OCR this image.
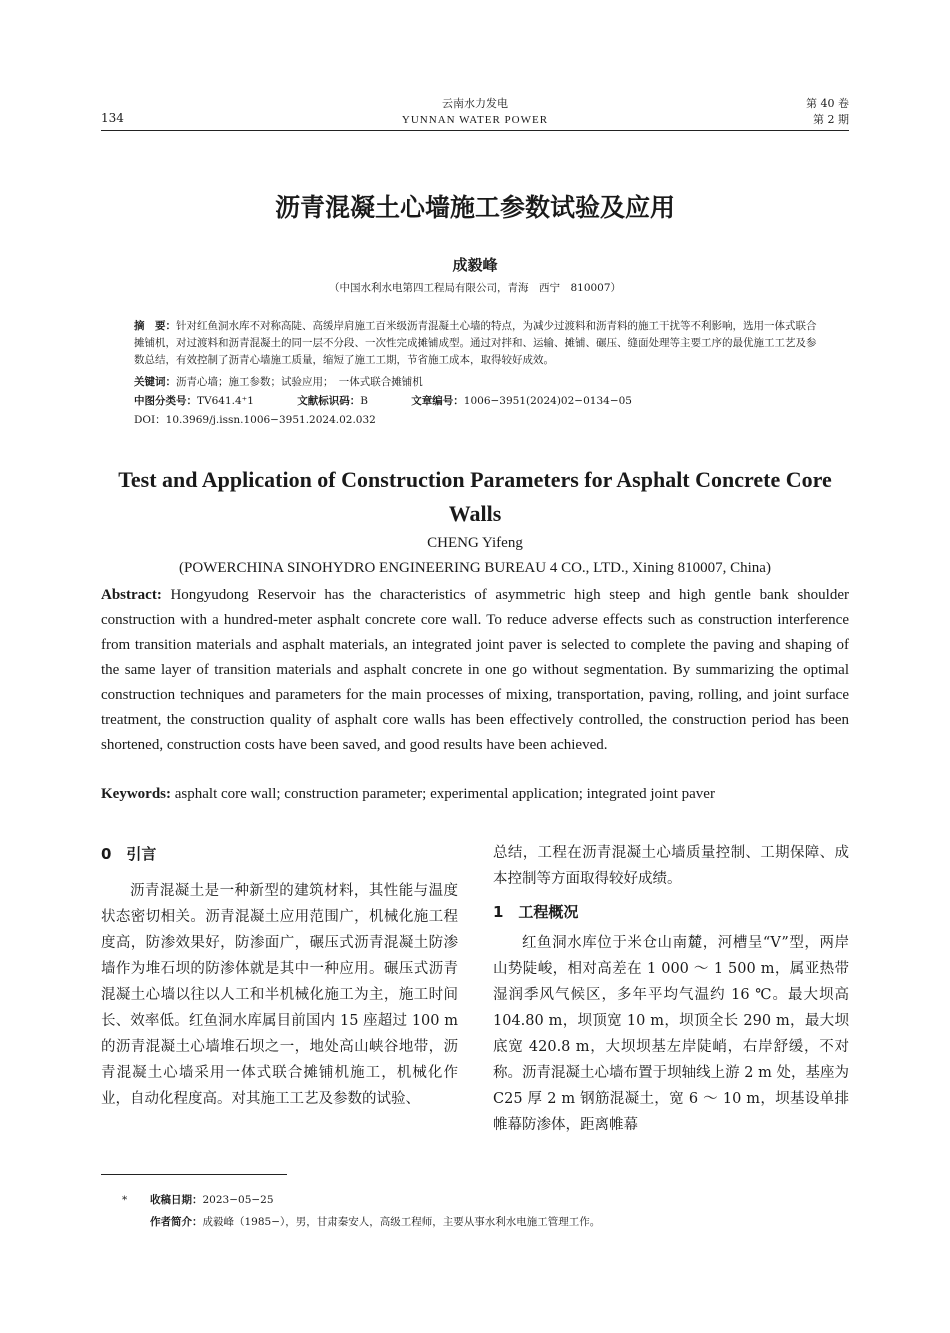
134
云南水力发电
YUNNAN WATER POWER
第 40 卷
第 2 期
沥青混凝土心墙施工参数试验及应用
成毅峰
（中国水利水电第四工程局有限公司，青海　西宁　810007）
摘　要：针对红鱼洞水库不对称高陡、高缓岸肩施工百米级沥青混凝土心墙的特点，为减少过渡料和沥青料的施工干扰等不利影响，选用一体式联合摊铺机，对过渡料和沥青混凝土的同一层不分段、一次性完成摊铺成型。通过对拌和、运输、摊铺、碾压、缝面处理等主要工序的最优施工工艺及参数总结，有效控制了沥青心墙施工质量，缩短了施工工期，节省施工成本，取得较好成效。
关键词：沥青心墙；施工参数；试验应用；　一体式联合摊铺机
中图分类号：TV641.4⁺1	文献标识码：B	文章编号：1006−3951(2024)02−0134−05
DOI：10.3969/j.issn.1006−3951.2024.02.032
Test and Application of Construction Parameters for Asphalt Concrete Core Walls
CHENG Yifeng
(POWERCHINA SINOHYDRO ENGINEERING BUREAU 4 CO., LTD., Xining 810007, China)
Abstract: Hongyudong Reservoir has the characteristics of asymmetric high steep and high gentle bank shoulder construction with a hundred-meter asphalt concrete core wall. To reduce adverse effects such as construction interference from transition materials and asphalt materials, an integrated joint paver is selected to complete the paving and shaping of the same layer of transition materials and asphalt concrete in one go without segmentation. By summarizing the optimal construction techniques and parameters for the main processes of mixing, transportation, paving, rolling, and joint surface treatment, the construction quality of asphalt core walls has been effectively controlled, the construction period has been shortened, construction costs have been saved, and good results have been achieved.
Keywords: asphalt core wall; construction parameter; experimental application; integrated joint paver
0　引言

沥青混凝土是一种新型的建筑材料，其性能与温度状态密切相关。沥青混凝土应用范围广，机械化施工程度高，防渗效果好，防渗面广，碾压式沥青混凝土防渗墙作为堆石坝的防渗体就是其中一种应用。碾压式沥青混凝土心墙以往以人工和半机械化施工为主，施工时间长、效率低。红鱼洞水库属目前国内 15 座超过 100 m 的沥青混凝土心墙堆石坝之一，地处高山峡谷地带，沥青混凝土心墙采用一体式联合摊铺机施工，机械化作业，自动化程度高。对其施工工艺及参数的试验、

总结，工程在沥青混凝土心墙质量控制、工期保障、成本控制等方面取得较好成绩。

1　工程概况

红鱼洞水库位于米仓山南麓，河槽呈“V”型，两岸山势陡峻，相对高差在 1 000 ～ 1 500 m，属亚热带湿润季风气候区，多年平均气温约 16 ℃。最大坝高 104.80 m，坝顶宽 10 m，坝顶全长 290 m，最大坝底宽 420.8 m，大坝坝基左岸陡峭，右岸舒缓，不对称。沥青混凝土心墙布置于坝轴线上游 2 m 处，基座为 C25 厚 2 m 钢筋混凝土，宽 6 ～ 10 m，坝基设单排帷幕防渗体，距离帷幕

* 收稿日期：2023−05−25
作者简介：成毅峰（1985−），男，甘肃秦安人，高级工程师，主要从事水利水电施工管理工作。
